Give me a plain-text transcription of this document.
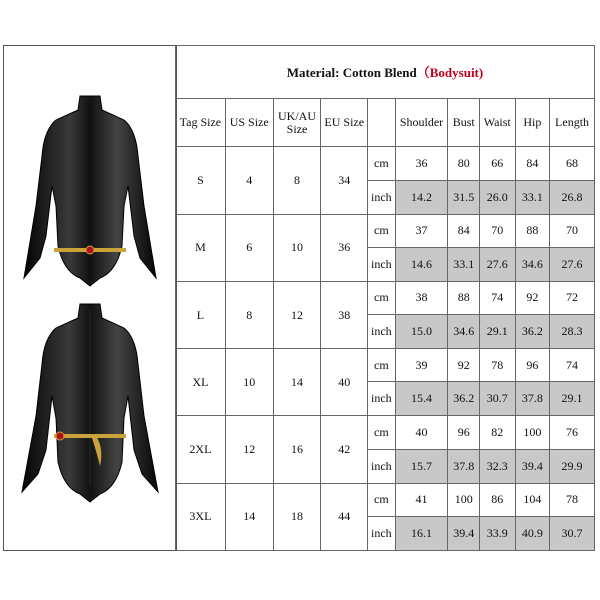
Material: Cotton Blend（Bodysuit)									
Tag Size	US Size	UK/AU Size	EU Size		Shoulder	Bust	Waist	Hip	Length
S	4	8	34	cm	36	80	66	84	68
				inch	14.2	31.5	26.0	33.1	26.8
M	6	10	36	cm	37	84	70	88	70
				inch	14.6	33.1	27.6	34.6	27.6
L	8	12	38	cm	38	88	74	92	72
				inch	15.0	34.6	29.1	36.2	28.3
XL	10	14	40	cm	39	92	78	96	74
				inch	15.4	36.2	30.7	37.8	29.1
2XL	12	16	42	cm	40	96	82	100	76
				inch	15.7	37.8	32.3	39.4	29.9
3XL	14	18	44	cm	41	100	86	104	78
				inch	16.1	39.4	33.9	40.9	30.7
